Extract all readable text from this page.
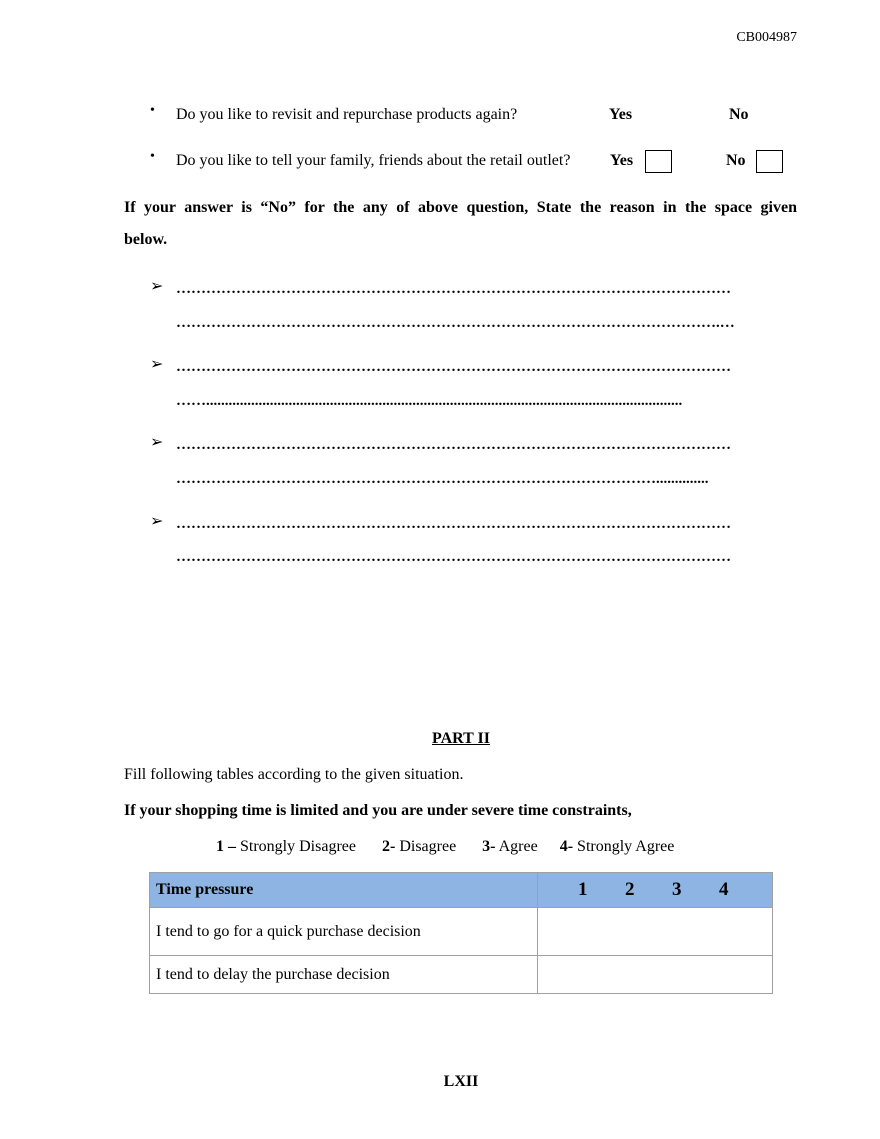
CB004987
• Do you like to revisit and repurchase products again?	Yes	No
• Do you like to tell your family, friends about the retail outlet? Yes	No
If your answer is “No” for the any of above question, State the reason in the space given
below.
➢ …………………………………………………………………………………………………
……………………………………………………………………………………………….…
➢ …………………………………………………………………………………………………
……...............................................................................................................................
➢ …………………………………………………………………………………………………
……………………………………………………………………………………..............
➢ …………………………………………………………………………………………………
…………………………………………………………………………………………………
PART II
Fill following tables according to the given situation.
If your shopping time is limited and you are under severe time constraints,
1 – Strongly Disagree 2- Disagree 3- Agree 4- Strongly Agree
Time pressure	1 2 3 4

I tend to go for a quick purchase decision	
I tend to delay the purchase decision	
LXII
